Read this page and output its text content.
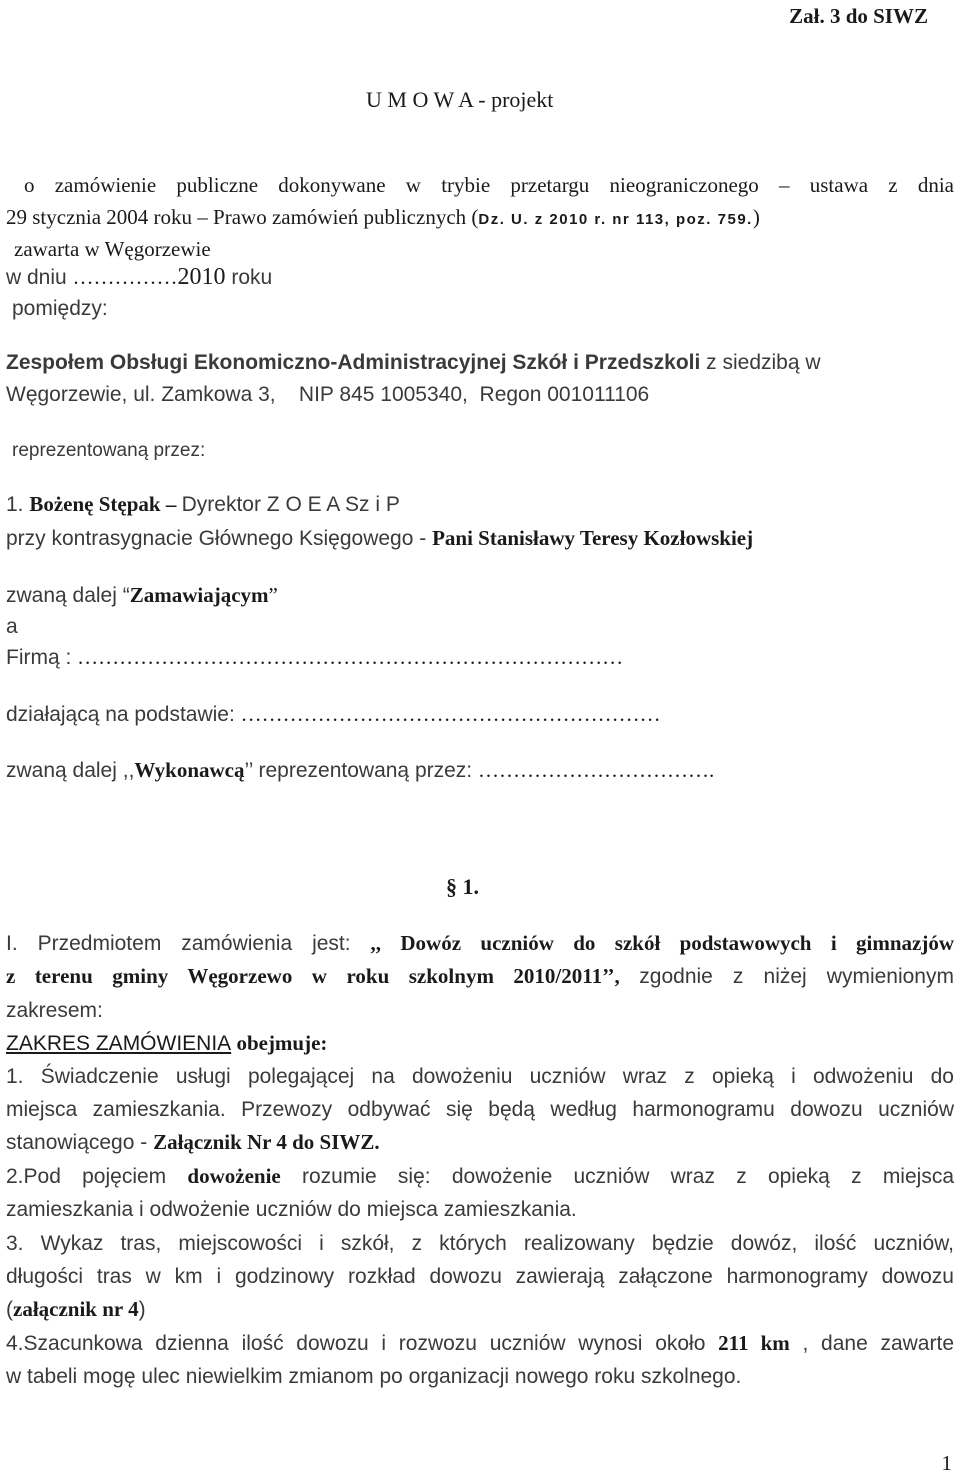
Zał. 3 do SIWZ
U M O W A - projekt
o zamówienie publiczne dokonywane w trybie przetargu nieograniczonego – ustawa z dnia
29 stycznia 2004 roku – Prawo zamówień publicznych (Dz. U. z 2010 r. nr 113, poz. 759.)
zawarta w Węgorzewie
w dniu ……………2010 roku
pomiędzy:
Zespołem Obsługi Ekonomiczno-Administracyjnej Szkół i Przedszkoli z siedzibą w
Węgorzewie, ul. Zamkowa 3,    NIP 845 1005340,  Regon 001011106
reprezentowaną przez:
1. Bożenę Stępak – Dyrektor Z O E A Sz i P
przy kontrasygnacie Głównego Księgowego - Pani Stanisławy Teresy Kozłowskiej
zwaną dalej “Zamawiającym”
a
Firmą : ……………………………………………………………………
działającą na podstawie: ……………………………………………………
zwaną dalej ,,Wykonawcą’’ reprezentowaną przez: …………………………….
§ 1.
I. Przedmiotem zamówienia jest: ,, Dowóz uczniów do szkół podstawowych i gimnazjów
z terenu gminy Węgorzewo w roku szkolnym 2010/2011’’, zgodnie z niżej wymienionym
zakresem:
ZAKRES ZAMÓWIENIA obejmuje:
1. Świadczenie usługi polegającej na dowożeniu uczniów wraz z opieką i odwożeniu do
miejsca zamieszkania. Przewozy odbywać się będą według harmonogramu dowozu uczniów
stanowiącego - Załącznik Nr 4 do SIWZ.
2.Pod pojęciem dowożenie rozumie się: dowożenie uczniów wraz z opieką z miejsca
zamieszkania i odwożenie uczniów do miejsca zamieszkania.
3. Wykaz tras, miejscowości i szkół, z których realizowany będzie dowóz, ilość uczniów,
długości tras w km i godzinowy rozkład dowozu zawierają załączone harmonogramy dowozu
(załącznik nr 4)
4.Szacunkowa dzienna ilość dowozu i rozwozu uczniów wynosi około 211 km , dane zawarte
w tabeli mogę ulec niewielkim zmianom po organizacji nowego roku szkolnego.
1
